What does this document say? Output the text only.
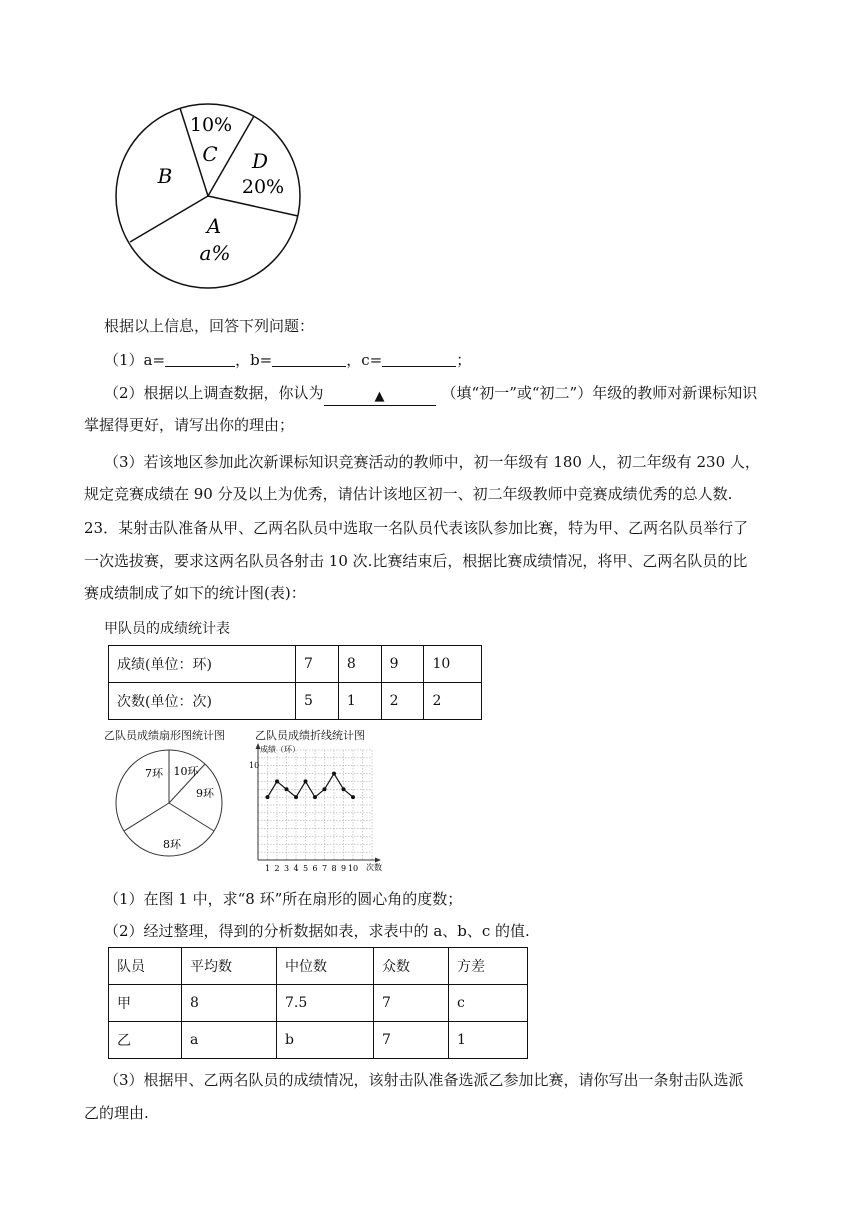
10%
C D
20%
B
A
a%
根据以上信息，回答下列问题：
（1）a=	，b=	，c=	；
（2）根据以上调查数据，你认为	▲	（填“初一”或“初二”）年级的教师对新课标知识
掌握得更好，请写出你的理由；
（3）若该地区参加此次新课标知识竞赛活动的教师中，初一年级有 180 人，初二年级有 230 人，
规定竞赛成绩在 90 分及以上为优秀，请估计该地区初一、初二年级教师中竞赛成绩优秀的总人数.
23．某射击队准备从甲、乙两名队员中选取一名队员代表该队参加比赛，特为甲、乙两名队员举行了
一次选拔赛，要求这两名队员各射击 10 次.比赛结束后，根据比赛成绩情况，将甲、乙两名队员的比
赛成绩制成了如下的统计图(表)：
甲队员的成绩统计表
成绩(单位：环)	7	8	9	10
次数(单位：次)	5	1	2	2
乙队员成绩扇形图统计图	乙队员成绩折线统计图
7环 10环
9环
8环
成绩（环）
次数
10
1 2 3 4 5 6 7 8 9 10
（1）在图 1 中，求“8 环”所在扇形的圆心角的度数；
（2）经过整理，得到的分析数据如表，求表中的 a、b、c 的值.
队员	平均数	中位数	众数	方差
甲	8	7.5	7	c
乙	a	b	7	1
（3）根据甲、乙两名队员的成绩情况，该射击队准备选派乙参加比赛，请你写出一条射击队选派
乙的理由.
